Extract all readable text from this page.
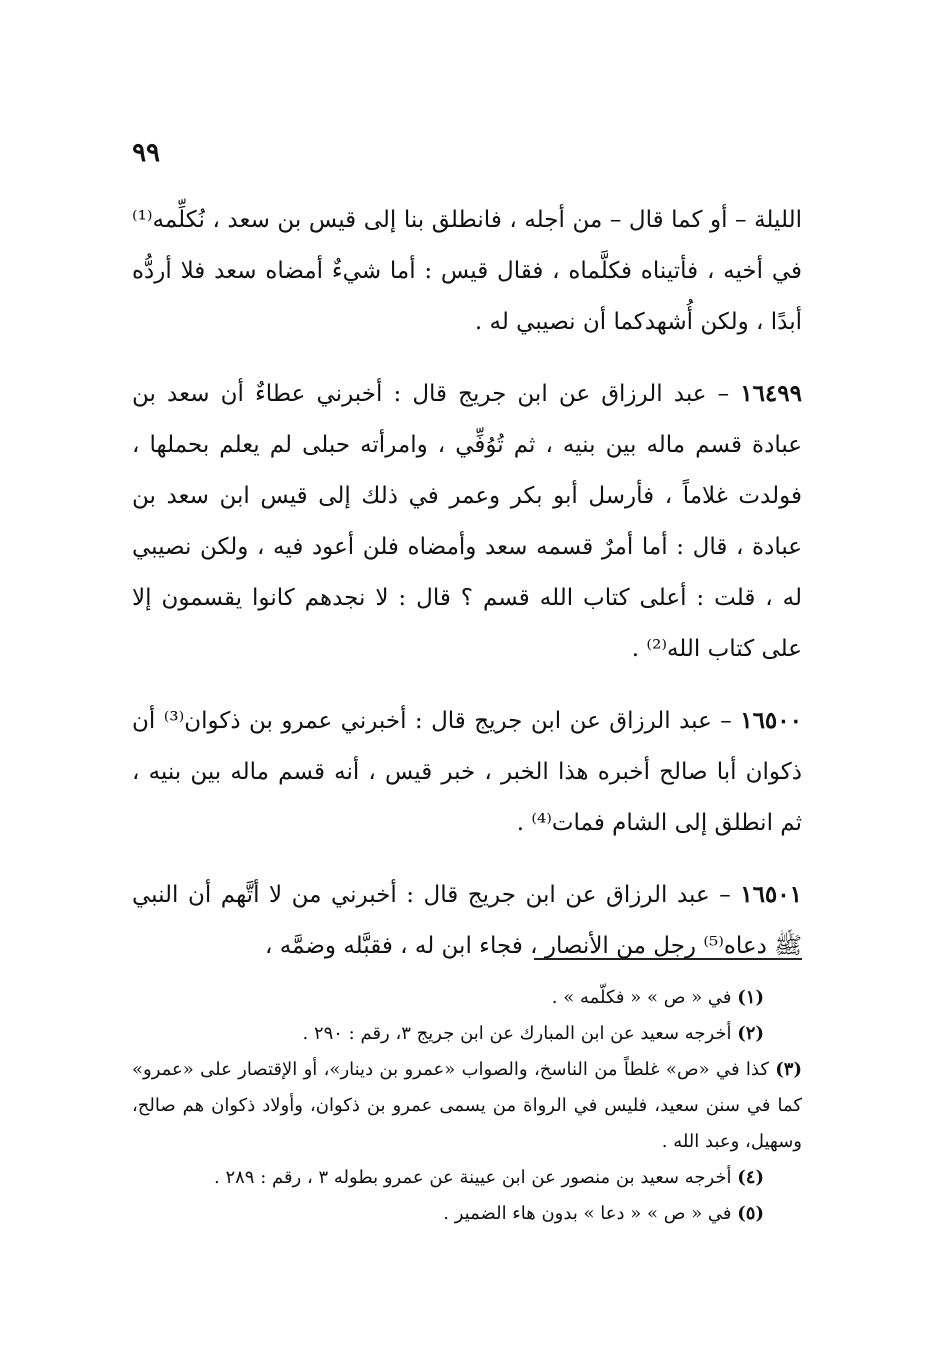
٩٩

الليلة – أو كما قال – من أجله ، فانطلق بنا إلى قيس بن سعد ، نُكلِّمه⁽¹⁾ في أخيه ، فأتيناه فكلَّماه ، فقال قيس : أما شيءٌ أمضاه سعد فلا أردُّه أبدًا ، ولكن أُشهدكما أن نصيبي له .

١٦٤٩٩ – عبد الرزاق عن ابن جريج قال : أخبرني عطاءٌ أن سعد بن عبادة قسم ماله بين بنيه ، ثم تُوُفِّي ، وامرأته حبلى لم يعلم بحملها ، فولدت غلاماً ، فأرسل أبو بكر وعمر في ذلك إلى قيس ابن سعد بن عبادة ، قال : أما أمرٌ قسمه سعد وأمضاه فلن أعود فيه ، ولكن نصيبي له ، قلت : أعلى كتاب الله قسم ؟ قال : لا نجدهم كانوا يقسمون إلا على كتاب الله⁽²⁾ .

١٦٥٠٠ – عبد الرزاق عن ابن جريج قال : أخبرني عمرو بن ذكوان⁽³⁾ أن ذكوان أبا صالح أخبره هذا الخبر ، خبر قيس ، أنه قسم ماله بين بنيه ، ثم انطلق إلى الشام فمات⁽⁴⁾ .

١٦٥٠١ – عبد الرزاق عن ابن جريج قال : أخبرني من لا أتَّهم أن النبي ﷺ دعاه⁽⁵⁾ رجل من الأنصار ، فجاء ابن له ، فقبَّله وضمَّه ،

(١) في « ص » « فكلّمه » .

(٢) أخرجه سعيد عن ابن المبارك عن ابن جريج ٣، رقم : ٢٩٠ .

(٣) كذا في «ص» غلطاً من الناسخ، والصواب «عمرو بن دينار»، أو الإقتصار على «عمرو» كما في سنن سعيد، فليس في الرواة من يسمى عمرو بن ذكوان، وأولاد ذكوان هم صالح، وسهيل، وعبد الله .

(٤) أخرجه سعيد بن منصور عن ابن عيينة عن عمرو بطوله ٣ ، رقم : ٢٨٩ .

(٥) في « ص » « دعا » بدون هاء الضمير .
